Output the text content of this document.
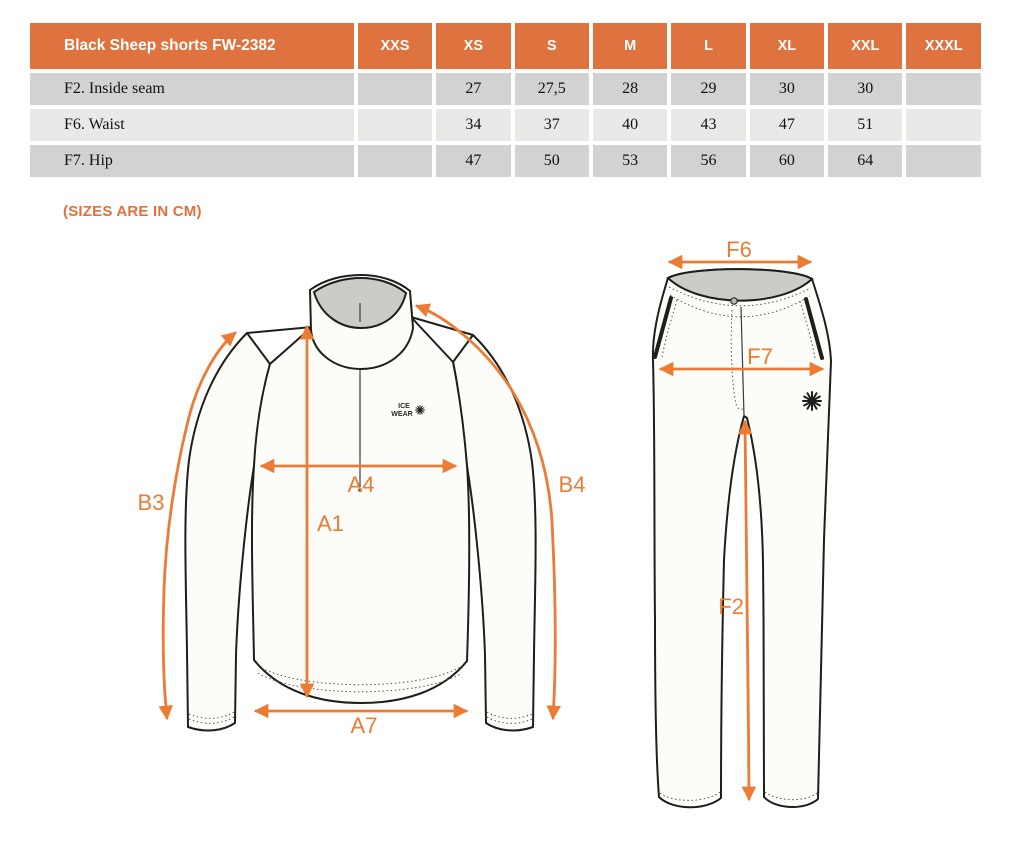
Black Sheep shorts FW-2382	XXS	XS	S	M	L	XL	XXL	XXXL
F2. Inside seam		27	27,5	28	29	30	30	
F6. Waist		34	37	40	43	47	51	
F7. Hip		47	50	53	56	60	64	
(SIZES ARE IN CM)
ICE
WEAR
B3
B4
A4
A1
A7
F6
F7
F2
